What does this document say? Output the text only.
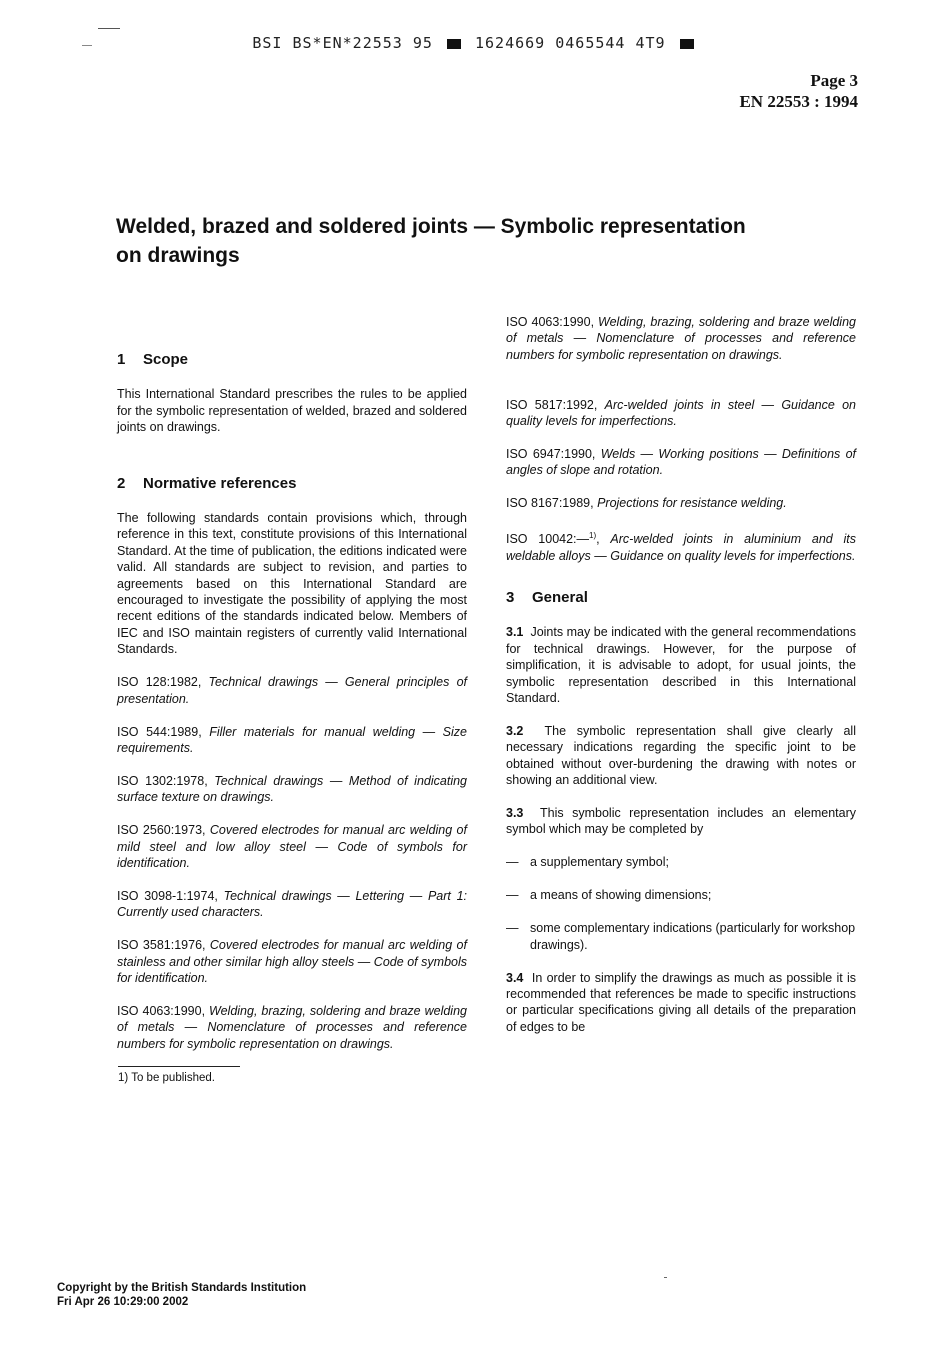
BSI BS*EN*22553 95	1624669 0465544 4T9
Page 3
EN 22553 : 1994
Welded, brazed and soldered joints — Symbolic representation on drawings
1 Scope

This International Standard prescribes the rules to be applied for the symbolic representation of welded, brazed and soldered joints on drawings.

2 Normative references

The following standards contain provisions which, through reference in this text, constitute provisions of this International Standard. At the time of publication, the editions indicated were valid. All standards are subject to revision, and parties to agreements based on this International Standard are encouraged to investigate the possibility of applying the most recent editions of the standards indicated below. Members of IEC and ISO maintain registers of currently valid International Standards.

ISO 128:1982, Technical drawings — General principles of presentation.

ISO 544:1989, Filler materials for manual welding — Size requirements.

ISO 1302:1978, Technical drawings — Method of indicating surface texture on drawings.

ISO 2560:1973, Covered electrodes for manual arc welding of mild steel and low alloy steel — Code of symbols for identification.

ISO 3098-1:1974, Technical drawings — Lettering — Part 1: Currently used characters.

ISO 3581:1976, Covered electrodes for manual arc welding of stainless and other similar high alloy steels — Code of symbols for identification.

ISO 4063:1990, Welding, brazing, soldering and braze welding of metals — Nomenclature of processes and reference numbers for symbolic representation on drawings.

ISO 4063:1990, Welding, brazing, soldering and braze welding of metals — Nomenclature of processes and reference numbers for symbolic representation on drawings.

ISO 5817:1992, Arc-welded joints in steel — Guidance on quality levels for imperfections.

ISO 6947:1990, Welds — Working positions — Definitions of angles of slope and rotation.

ISO 8167:1989, Projections for resistance welding.

ISO 10042:—$^{1)}$, Arc-welded joints in aluminium and its weldable alloys — Guidance on quality levels for imperfections.

3 General

3.1 Joints may be indicated with the general recommendations for technical drawings. However, for the purpose of simplification, it is advisable to adopt, for usual joints, the symbolic representation described in this International Standard.

3.2 The symbolic representation shall give clearly all necessary indications regarding the specific joint to be obtained without over-burdening the drawing with notes or showing an additional view.

3.3 This symbolic representation includes an elementary symbol which may be completed by

— a supplementary symbol;
— a means of showing dimensions;
— some complementary indications (particularly for workshop drawings).

3.4 In order to simplify the drawings as much as possible it is recommended that references be made to specific instructions or particular specifications giving all details of the preparation of edges to be

1) To be published.
Copyright by the British Standards Institution
Fri Apr 26 10:29:00 2002
